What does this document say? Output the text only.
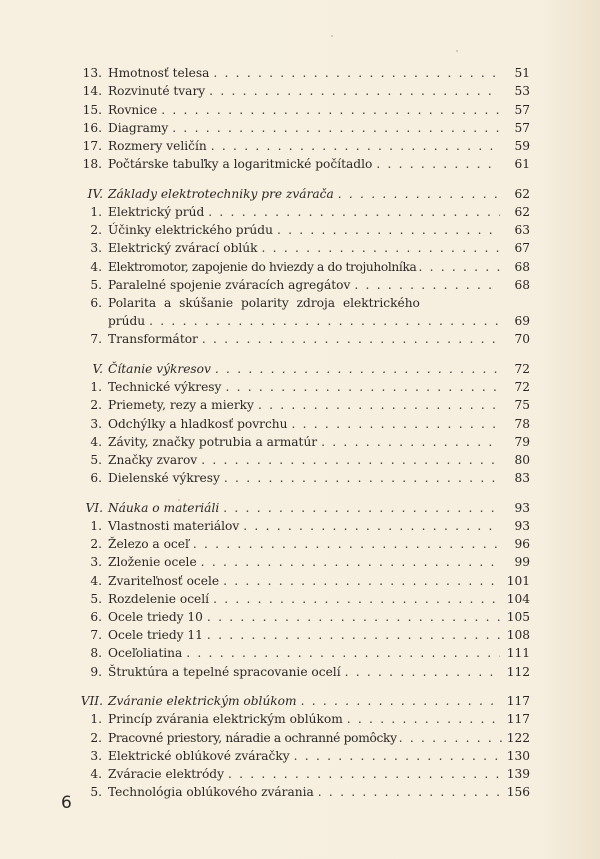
13. Hmotnosť telesa . . .	51
14. Rozvinuté tvary . . .	53
15. Rovnice . . .	57
16. Diagramy . . .	57
17. Rozmery veličín . . .	59
18. Počtárske tabuľky a logaritmické počítadlo . . .	61
IV. Základy elektrotechniky pre zvárača . . .	62
1. Elektrický prúd . . .	62
2. Účinky elektrického prúdu . . .	63
3. Elektrický zvárací oblúk . . .	67
4. Elektromotor, zapojenie do hviezdy a do trojuholníka . . .	68
5. Paralelné spojenie zváracích agregátov . . .	68
6. Polarita a skúšanie polarity zdroja elektrického
prúdu . . .	69
7. Transformátor . . .	70
V. Čítanie výkresov . . .	72
1. Technické výkresy . . .	72
2. Priemety, rezy a mierky . . .	75
3. Odchýlky a hladkosť povrchu . . .	78
4. Závity, značky potrubia a armatúr . . .	79
5. Značky zvarov . . .	80
6. Dielenské výkresy . . .	83
VI. Náuka o materiáli . . .	93
1. Vlastnosti materiálov . . .	93
2. Železo a oceľ . . .	96
3. Zloženie ocele . . .	99
4. Zvariteľnosť ocele . . .	101
5. Rozdelenie ocelí . . .	104
6. Ocele triedy 10 . . .	105
7. Ocele triedy 11 . . .	108
8. Oceľoliatina . . .	111
9. Štruktúra a tepelné spracovanie ocelí . . .	112
VII. Zváranie elektrickým oblúkom . . .	117
1. Princíp zvárania elektrickým oblúkom . . .	117
2. Pracovné priestory, náradie a ochranné pomôcky . . .	122
3. Elektrické oblúkové zváračky . . .	130
4. Zváracie elektródy . . .	139
5. Technológia oblúkového zvárania . . .	156
6
